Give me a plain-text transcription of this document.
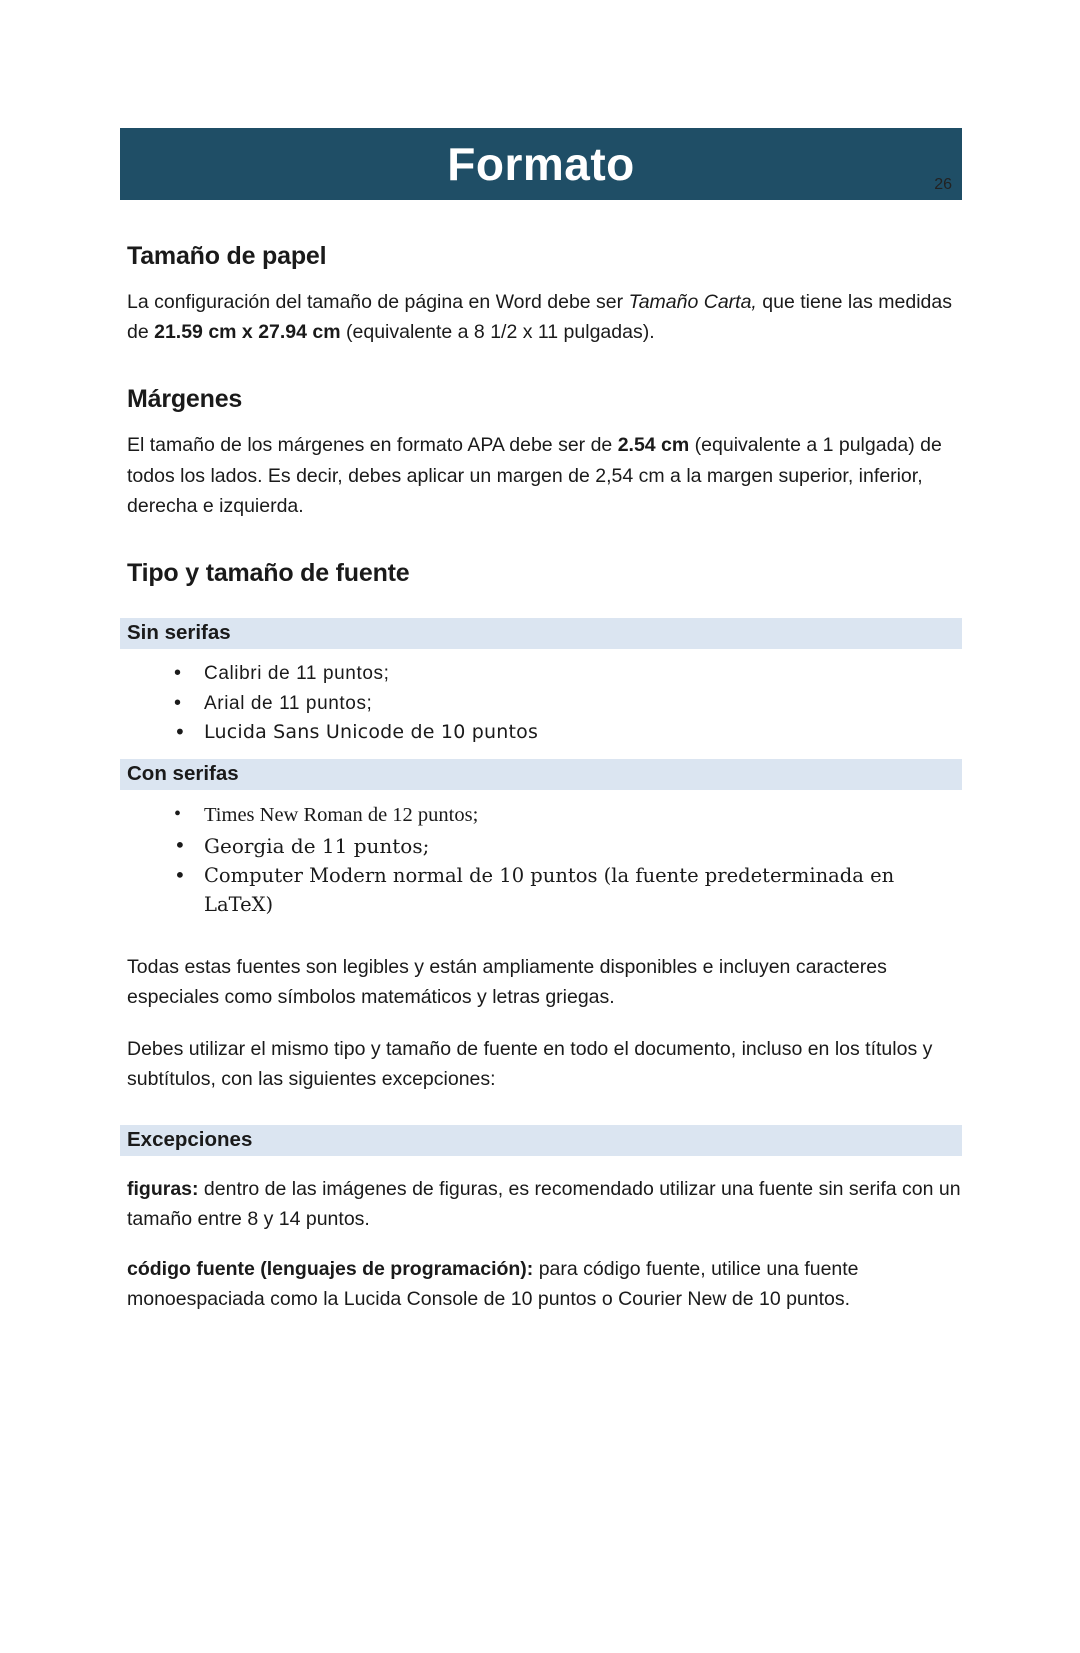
26
Formato
Tamaño de papel

La configuración del tamaño de página en Word debe ser Tamaño Carta, que tiene las medidas de 21.59 cm x 27.94 cm (equivalente a 8 1/2 x 11 pulgadas).

Márgenes

El tamaño de los márgenes en formato APA debe ser de 2.54 cm (equivalente a 1 pulgada) de todos los lados. Es decir, debes aplicar un margen de 2,54 cm a la margen superior, inferior, derecha e izquierda.

Tipo y tamaño de fuente
Sin serifas
• Calibri de 11 puntos;
• Arial de 11 puntos;
• Lucida Sans Unicode de 10 puntos
Con serifas
• Times New Roman de 12 puntos;
• Georgia de 11 puntos;
• Computer Modern normal de 10 puntos (la fuente predeterminada en LaTeX)

Todas estas fuentes son legibles y están ampliamente disponibles e incluyen caracteres especiales como símbolos matemáticos y letras griegas.

Debes utilizar el mismo tipo y tamaño de fuente en todo el documento, incluso en los títulos y subtítulos, con las siguientes excepciones:

Excepciones

figuras: dentro de las imágenes de figuras, es recomendado utilizar una fuente sin serifa con un tamaño entre 8 y 14 puntos.

código fuente (lenguajes de programación): para código fuente, utilice una fuente monoespaciada como la Lucida Console de 10 puntos o Courier New de 10 puntos.
